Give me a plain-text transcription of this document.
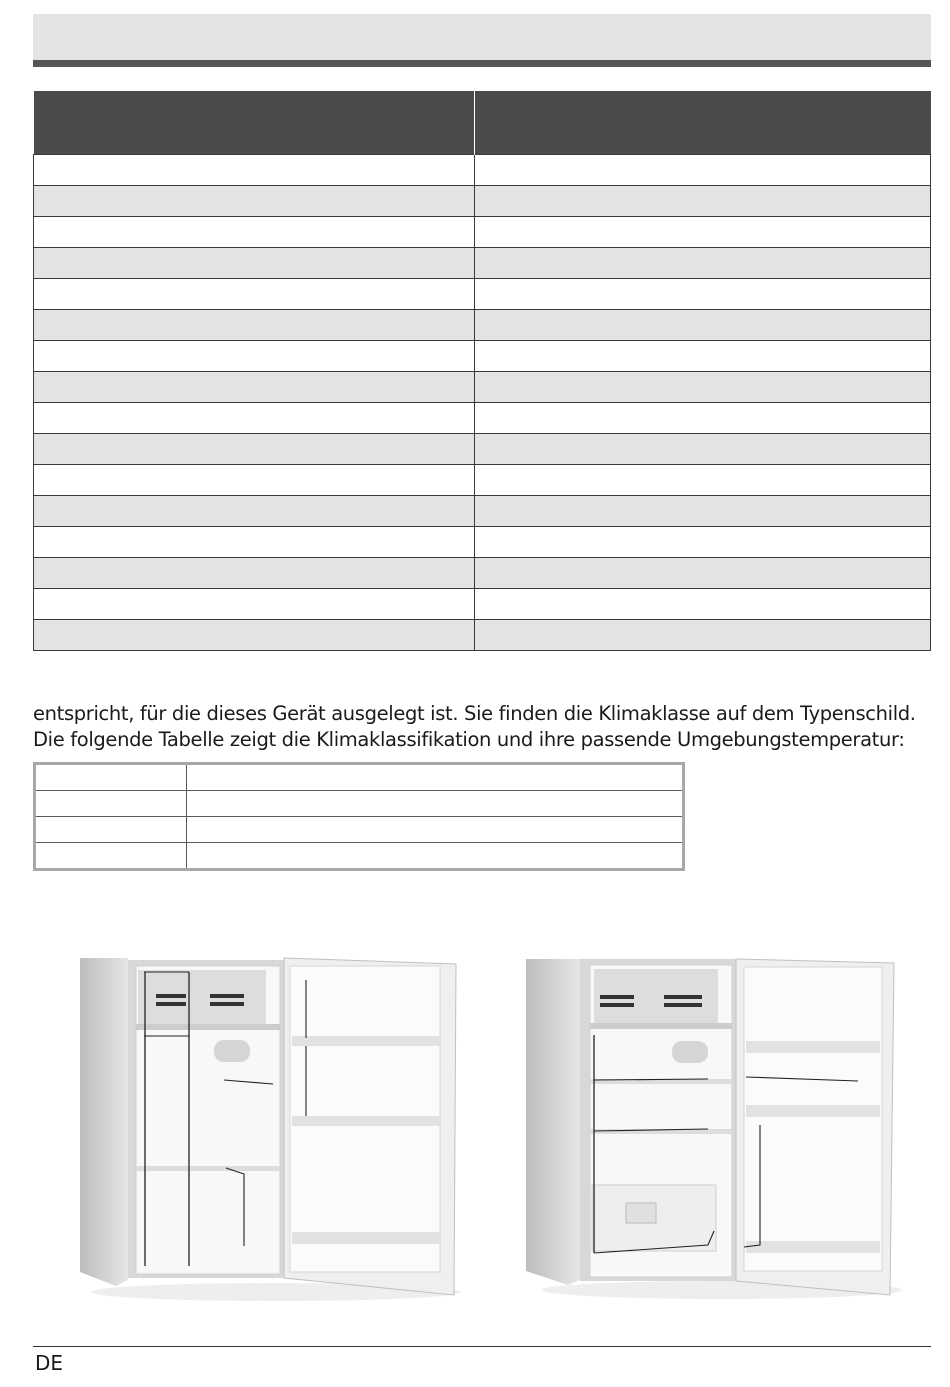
entspricht, für die dieses Gerät ausgelegt ist. Sie finden die Klimaklasse auf dem Typenschild.

Die folgende Tabelle zeigt die Klimaklassifikation und ihre passende Umgebungstemperatur:

DE
